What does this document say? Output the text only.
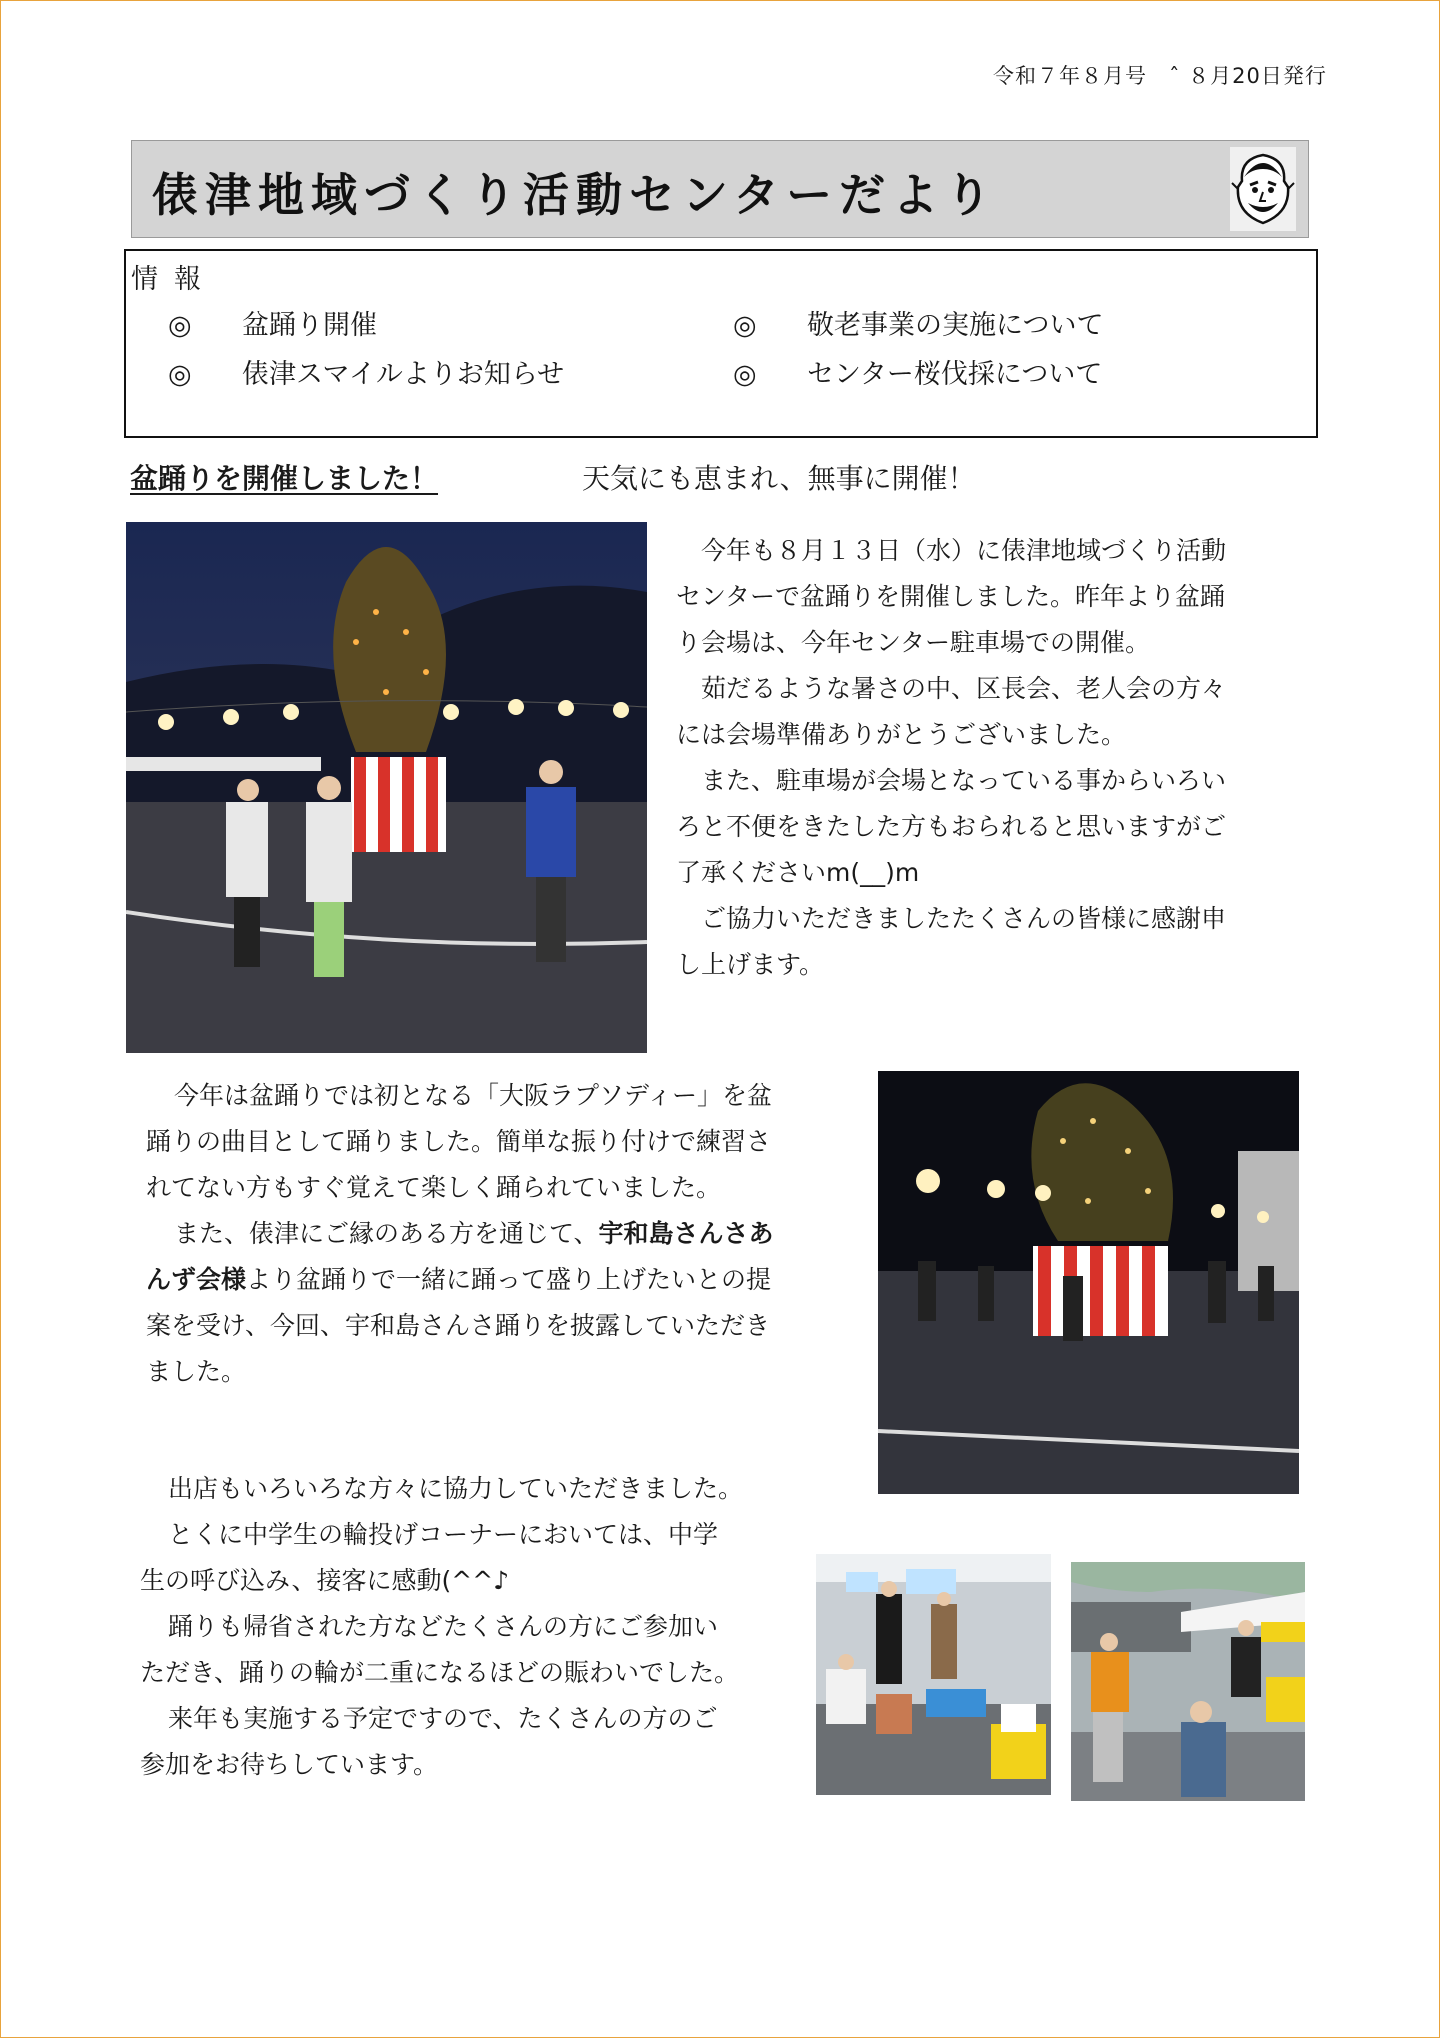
令和７年８月号　ˆ ８月20日発行
俵津地域づくり活動センターだより
情報
◎ 盆踊り開催	◎ 敬老事業の実施について
◎ 俵津スマイルよりお知らせ	◎ センター桜伐採について
盆踊りを開催しました！	天気にも恵まれ、無事に開催！

今年も８月１３日（水）に俵津地域づくり活動

センターで盆踊りを開催しました。昨年より盆踊

り会場は、今年センター駐車場での開催。

茹だるような暑さの中、区長会、老人会の方々

には会場準備ありがとうございました。

また、駐車場が会場となっている事からいろい

ろと不便をきたした方もおられると思いますがご

了承くださいm(__)m

ご協力いただきましたたくさんの皆様に感謝申

し上げます。

今年は盆踊りでは初となる「大阪ラプソディー」を盆

踊りの曲目として踊りました。簡単な振り付けで練習さ

れてない方もすぐ覚えて楽しく踊られていました。

また、俵津にご縁のある方を通じて、宇和島さんさあ

んず会様より盆踊りで一緒に踊って盛り上げたいとの提

案を受け、今回、宇和島さんさ踊りを披露していただき

ました。

出店もいろいろな方々に協力していただきました。

とくに中学生の輪投げコーナーにおいては、中学

生の呼び込み、接客に感動(^^♪

踊りも帰省された方などたくさんの方にご参加い

ただき、踊りの輪が二重になるほどの賑わいでした。

来年も実施する予定ですので、たくさんの方のご

参加をお待ちしています。
